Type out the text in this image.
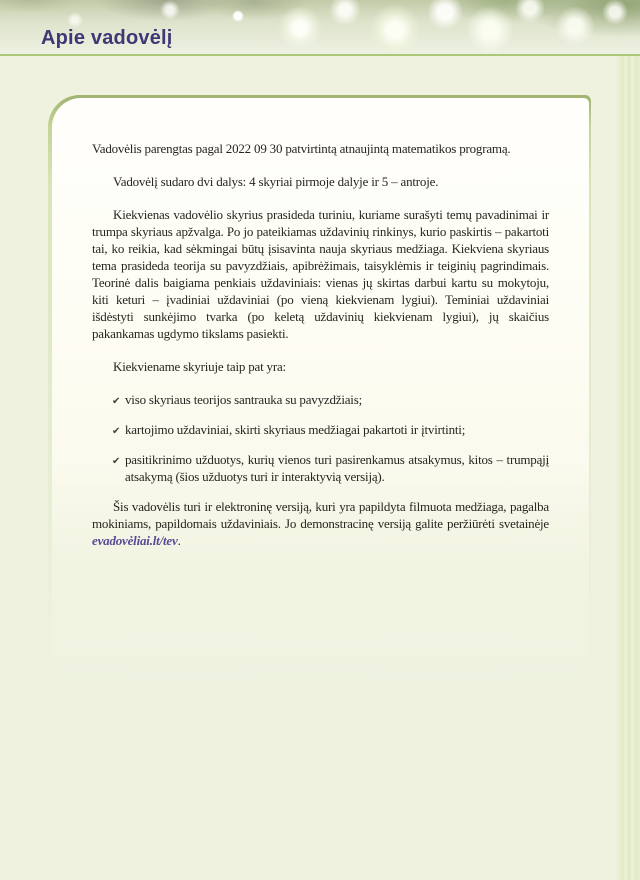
Apie vadovėlį

Vadovėlis parengtas pagal 2022 09 30 patvirtintą atnaujintą matematikos programą.

Vadovėlį sudaro dvi dalys: 4 skyriai pirmoje dalyje ir 5 – antroje.

Kiekvienas vadovėlio skyrius prasideda turiniu, kuriame surašyti temų pavadinimai ir trumpa skyriaus apžvalga. Po jo pateikiamas uždavinių rinkinys, kurio paskirtis – pakartoti tai, ko reikia, kad sėkmingai būtų įsisavinta nauja skyriaus medžiaga. Kiekviena skyriaus tema prasideda teorija su pavyzdžiais, apibrėžimais, taisyklėmis ir teiginių pagrindimais. Teorinė dalis baigiama penkiais uždaviniais: vienas jų skirtas darbui kartu su mokytoju, kiti keturi – įvadiniai uždaviniai (po vieną kiekvienam lygiui). Teminiai uždaviniai išdėstyti sunkėjimo tvarka (po keletą uždavinių kiekvienam lygiui), jų skaičius pakankamas ugdymo tikslams pasiekti.

Kiekviename skyriuje taip pat yra:

✔ viso skyriaus teorijos santrauka su pavyzdžiais;
✔ kartojimo uždaviniai, skirti skyriaus medžiagai pakartoti ir įtvirtinti;
✔ pasitikrinimo užduotys, kurių vienos turi pasirenkamus atsakymus, kitos – trumpąjį atsakymą (šios užduotys turi ir interaktyvią versiją).

Šis vadovėlis turi ir elektroninę versiją, kuri yra papildyta filmuota medžiaga, pagalba mokiniams, papildomais uždaviniais. Jo demonstracinę versiją galite peržiūrėti svetainėje evadovėliai.lt/tev.
